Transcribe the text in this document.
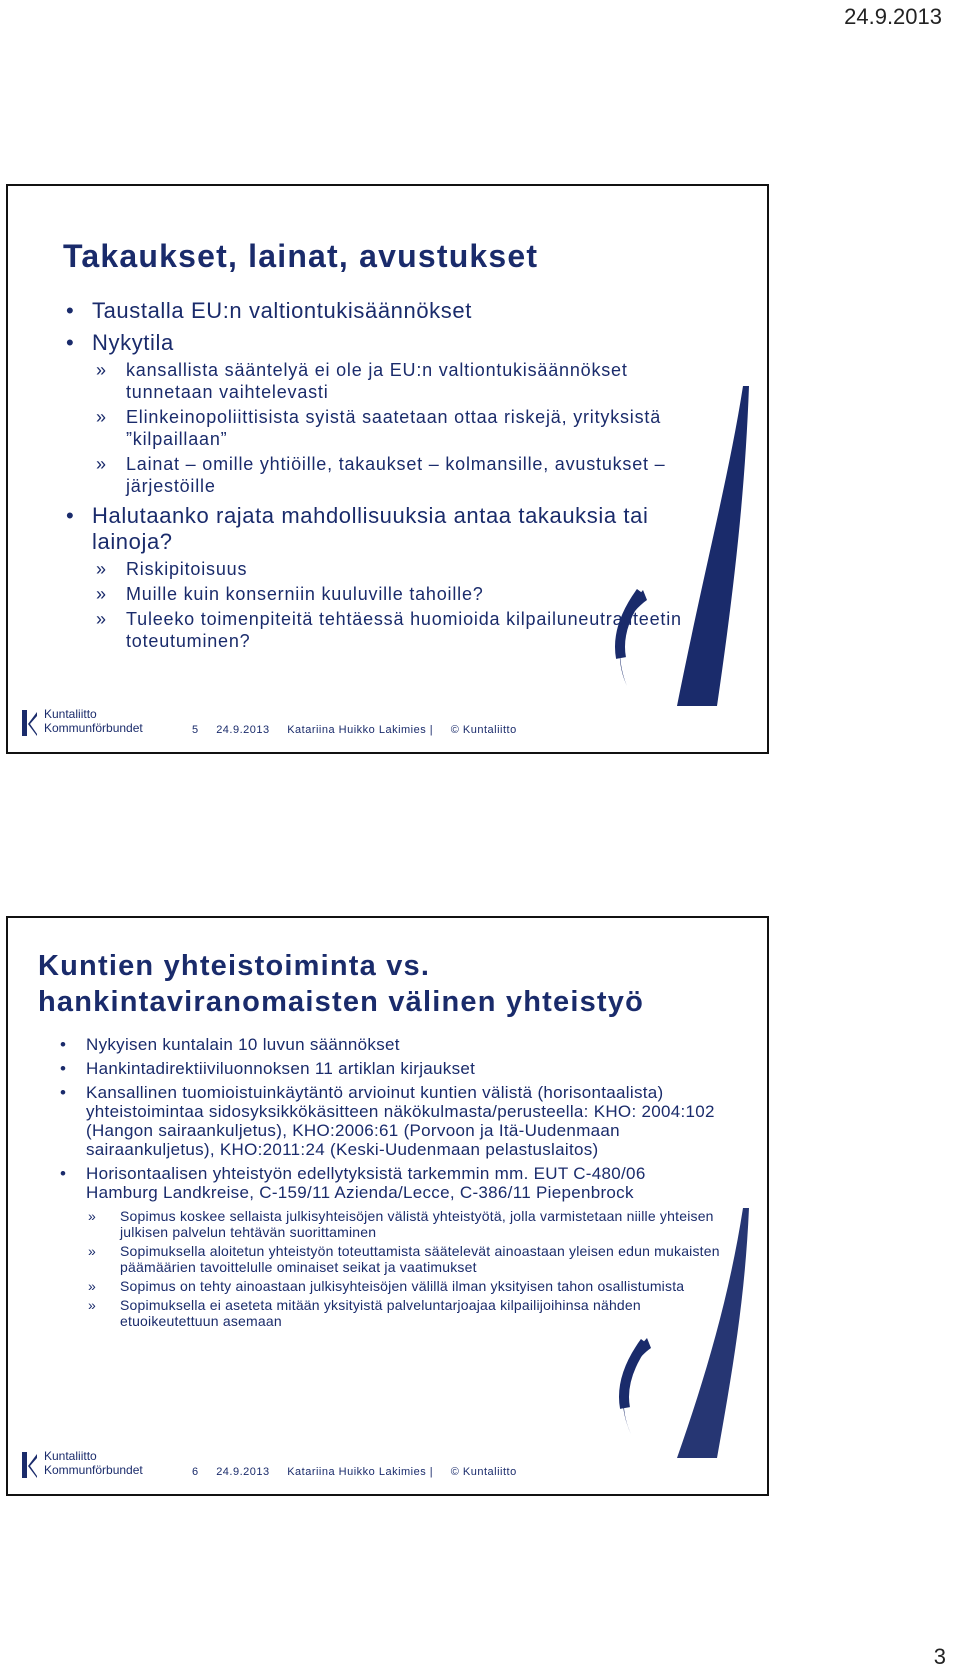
24.9.2013
Takaukset, lainat, avustukset
• Taustalla EU:n valtiontukisäännökset
• Nykytila
» kansallista sääntelyä ei ole ja EU:n valtiontukisäännökset tunnetaan vaihtelevasti
» Elinkeinopoliittisista syistä saatetaan ottaa riskejä, yrityksistä ”kilpaillaan”
» Lainat – omille yhtiöille, takaukset – kolmansille, avustukset – järjestöille
• Halutaanko rajata mahdollisuuksia antaa takauksia tai lainoja?
» Riskipitoisuus
» Muille kuin konserniin kuuluville tahoille?
» Tuleeko toimenpiteitä tehtäessä huomioida kilpailuneutraliteetin toteutuminen?
Kuntaliitto
Kommunförbundet	5 24.9.2013 Katariina Huikko Lakimies | © Kuntaliitto
Kuntien yhteistoiminta vs. hankintaviranomaisten välinen yhteistyö
• Nykyisen kuntalain 10 luvun säännökset
• Hankintadirektiiviluonnoksen 11 artiklan kirjaukset
• Kansallinen tuomioistuinkäytäntö arvioinut kuntien välistä (horisontaalista) yhteistoimintaa sidosyksikkökäsitteen näkökulmasta/perusteella: KHO: 2004:102 (Hangon sairaankuljetus), KHO:2006:61 (Porvoon ja Itä-Uudenmaan sairaankuljetus), KHO:2011:24 (Keski-Uudenmaan pelastuslaitos)
• Horisontaalisen yhteistyön edellytyksistä tarkemmin mm. EUT C-480/06 Hamburg Landkreise, C-159/11 Azienda/Lecce, C-386/11 Piepenbrock
» Sopimus koskee sellaista julkisyhteisöjen välistä yhteistyötä, jolla varmistetaan niille yhteisen julkisen palvelun tehtävän suorittaminen
» Sopimuksella aloitetun yhteistyön toteuttamista säätelevät ainoastaan yleisen edun mukaisten päämäärien tavoittelulle ominaiset seikat ja vaatimukset
» Sopimus on tehty ainoastaan julkisyhteisöjen välillä ilman yksityisen tahon osallistumista
» Sopimuksella ei aseteta mitään yksityistä palveluntarjoajaa kilpailijoihinsa nähden etuoikeutettuun asemaan
Kuntaliitto
Kommunförbundet	6 24.9.2013 Katariina Huikko Lakimies | © Kuntaliitto
3
